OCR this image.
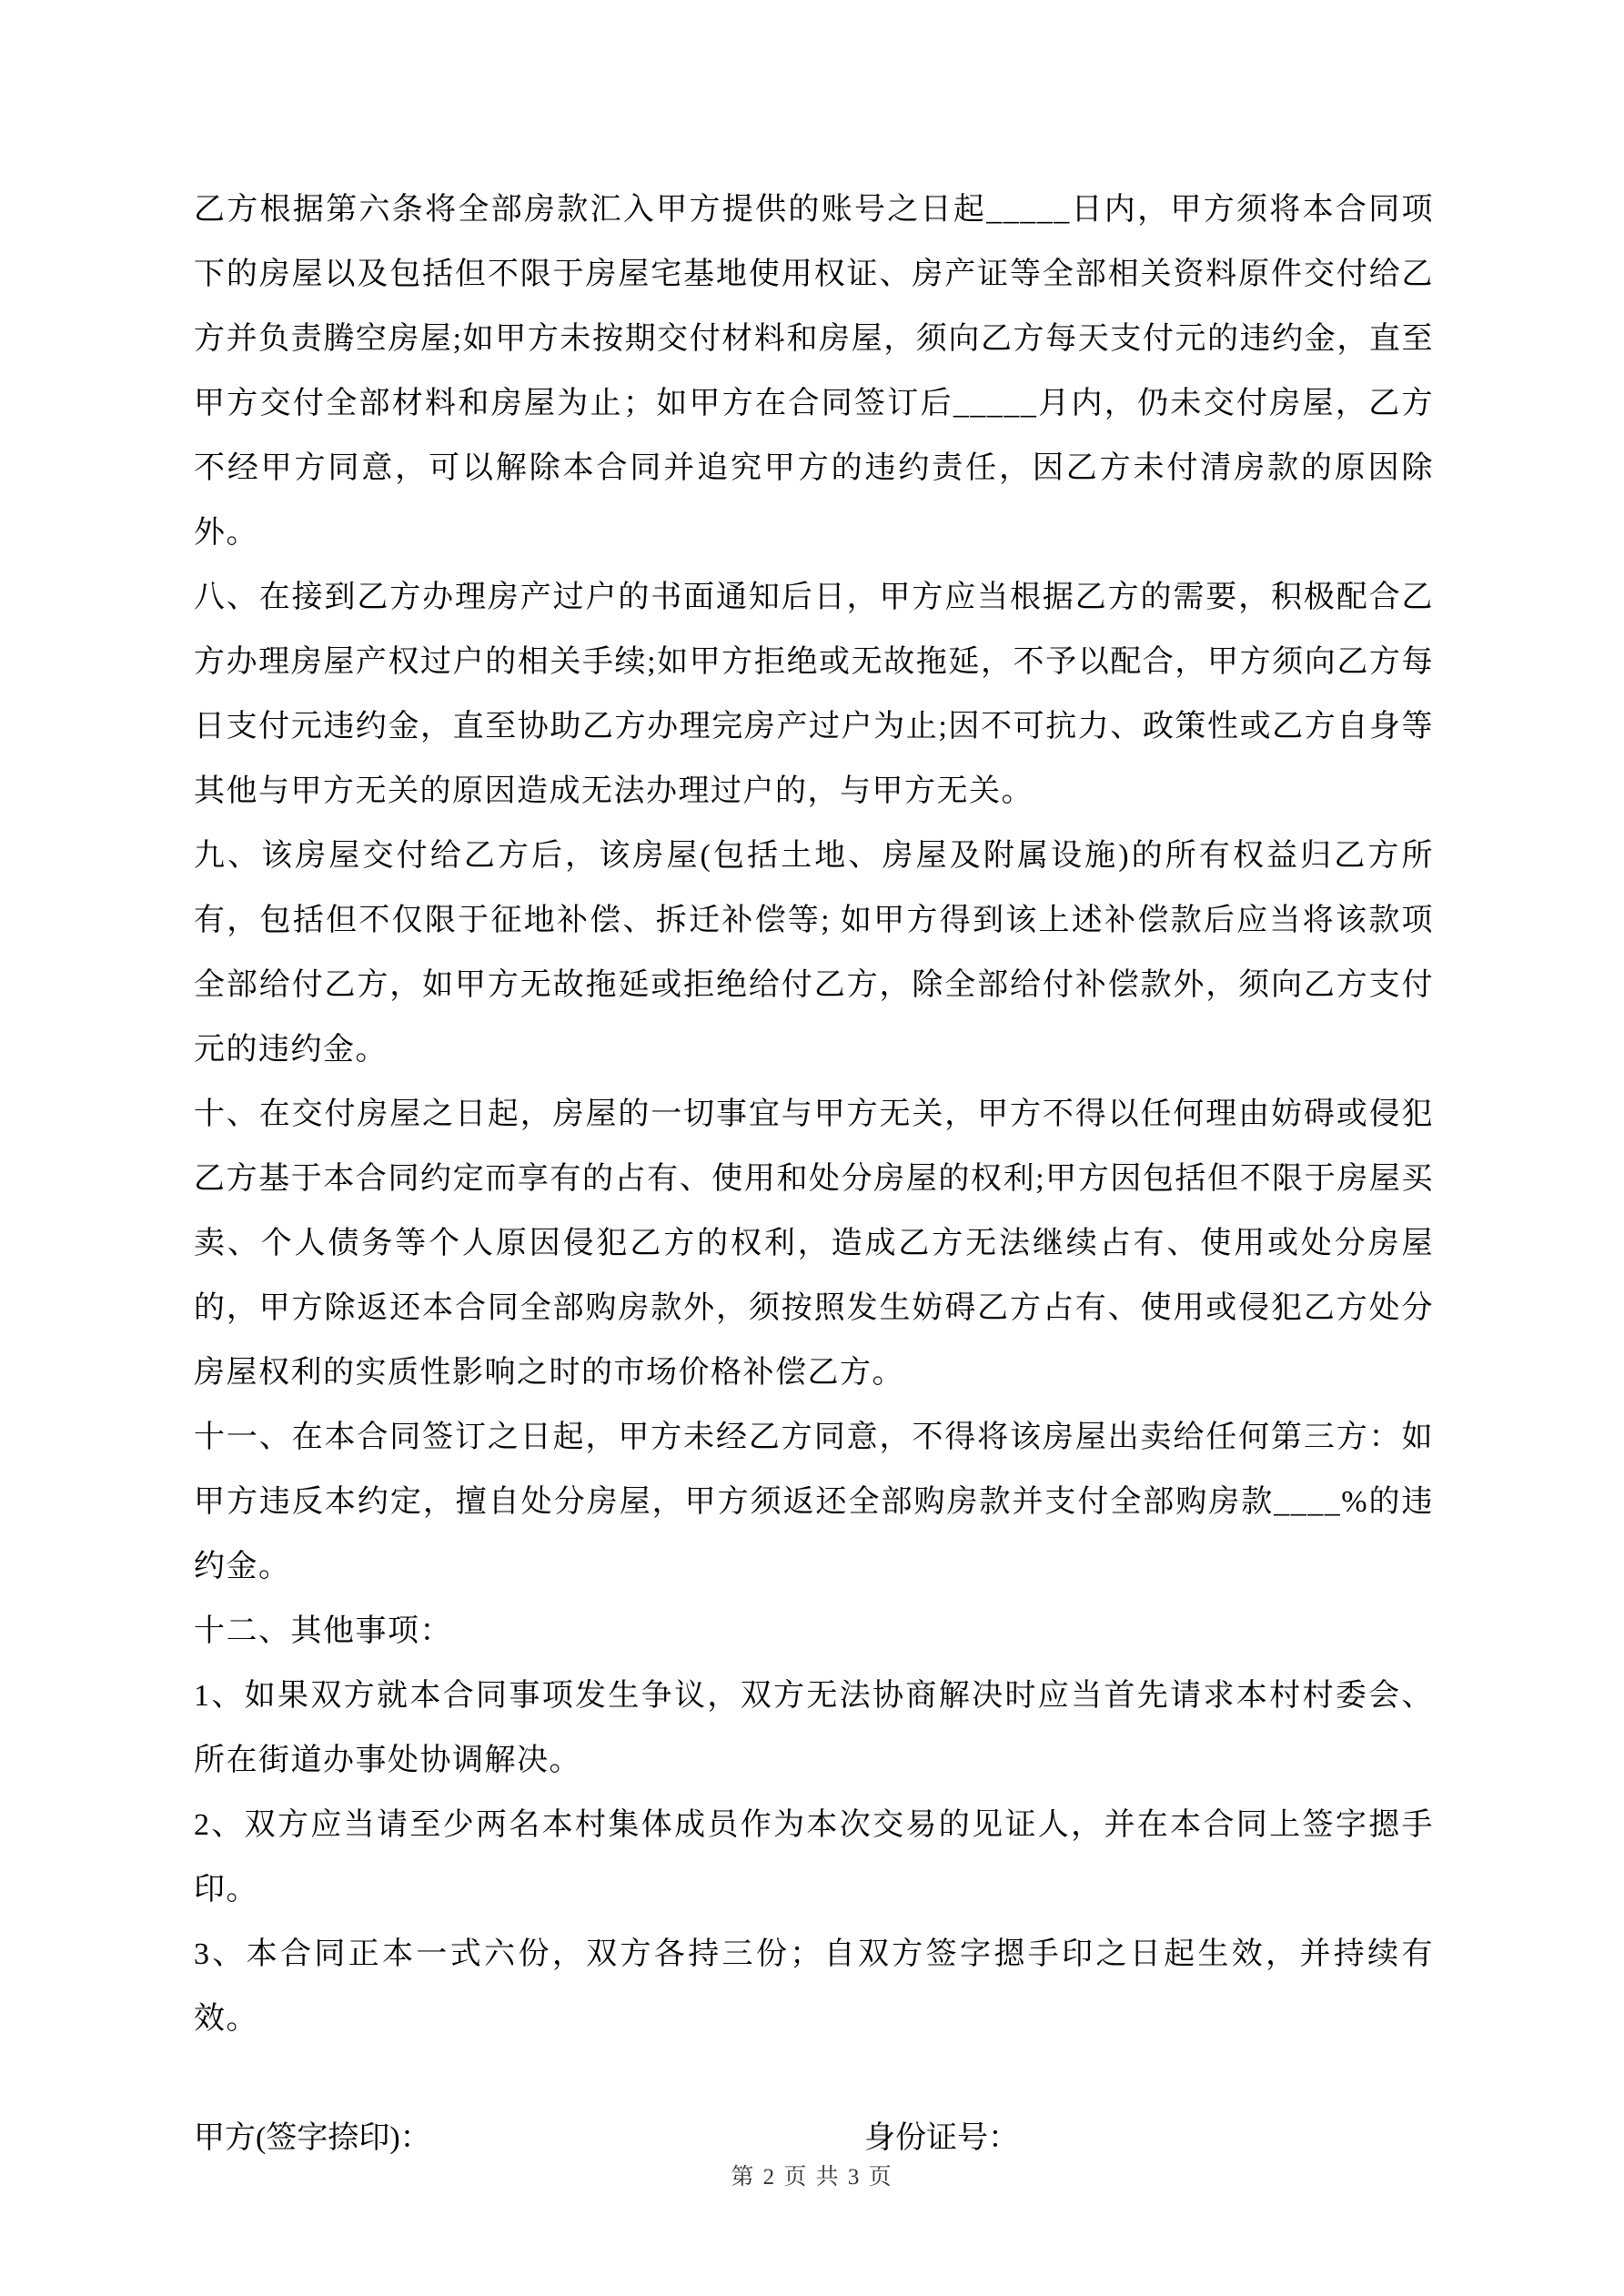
乙方根据第六条将全部房款汇入甲方提供的账号之日起_____日内，甲方须将本合同项下的房屋以及包括但不限于房屋宅基地使用权证、房产证等全部相关资料原件交付给乙方并负责腾空房屋;如甲方未按期交付材料和房屋，须向乙方每天支付元的违约金，直至甲方交付全部材料和房屋为止；如甲方在合同签订后_____月内，仍未交付房屋，乙方不经甲方同意，可以解除本合同并追究甲方的违约责任，因乙方未付清房款的原因除外。

八、在接到乙方办理房产过户的书面通知后日，甲方应当根据乙方的需要，积极配合乙方办理房屋产权过户的相关手续;如甲方拒绝或无故拖延，不予以配合，甲方须向乙方每日支付元违约金，直至协助乙方办理完房产过户为止;因不可抗力、政策性或乙方自身等其他与甲方无关的原因造成无法办理过户的，与甲方无关。

九、该房屋交付给乙方后，该房屋(包括土地、房屋及附属设施)的所有权益归乙方所有，包括但不仅限于征地补偿、拆迁补偿等; 如甲方得到该上述补偿款后应当将该款项全部给付乙方，如甲方无故拖延或拒绝给付乙方，除全部给付补偿款外，须向乙方支付元的违约金。

十、在交付房屋之日起，房屋的一切事宜与甲方无关，甲方不得以任何理由妨碍或侵犯乙方基于本合同约定而享有的占有、使用和处分房屋的权利;甲方因包括但不限于房屋买卖、个人债务等个人原因侵犯乙方的权利，造成乙方无法继续占有、使用或处分房屋的，甲方除返还本合同全部购房款外，须按照发生妨碍乙方占有、使用或侵犯乙方处分房屋权利的实质性影响之时的市场价格补偿乙方。

十一、在本合同签订之日起，甲方未经乙方同意，不得将该房屋出卖给任何第三方：如甲方违反本约定，擅自处分房屋，甲方须返还全部购房款并支付全部购房款____%的违约金。

十二、其他事项：

1、如果双方就本合同事项发生争议，双方无法协商解决时应当首先请求本村村委会、所在街道办事处协调解决。

2、双方应当请至少两名本村集体成员作为本次交易的见证人，并在本合同上签字摁手印。

3、本合同正本一式六份，双方各持三份；自双方签字摁手印之日起生效，并持续有效。

甲方(签字捺印)：	身份证号：
第 2 页 共 3 页
